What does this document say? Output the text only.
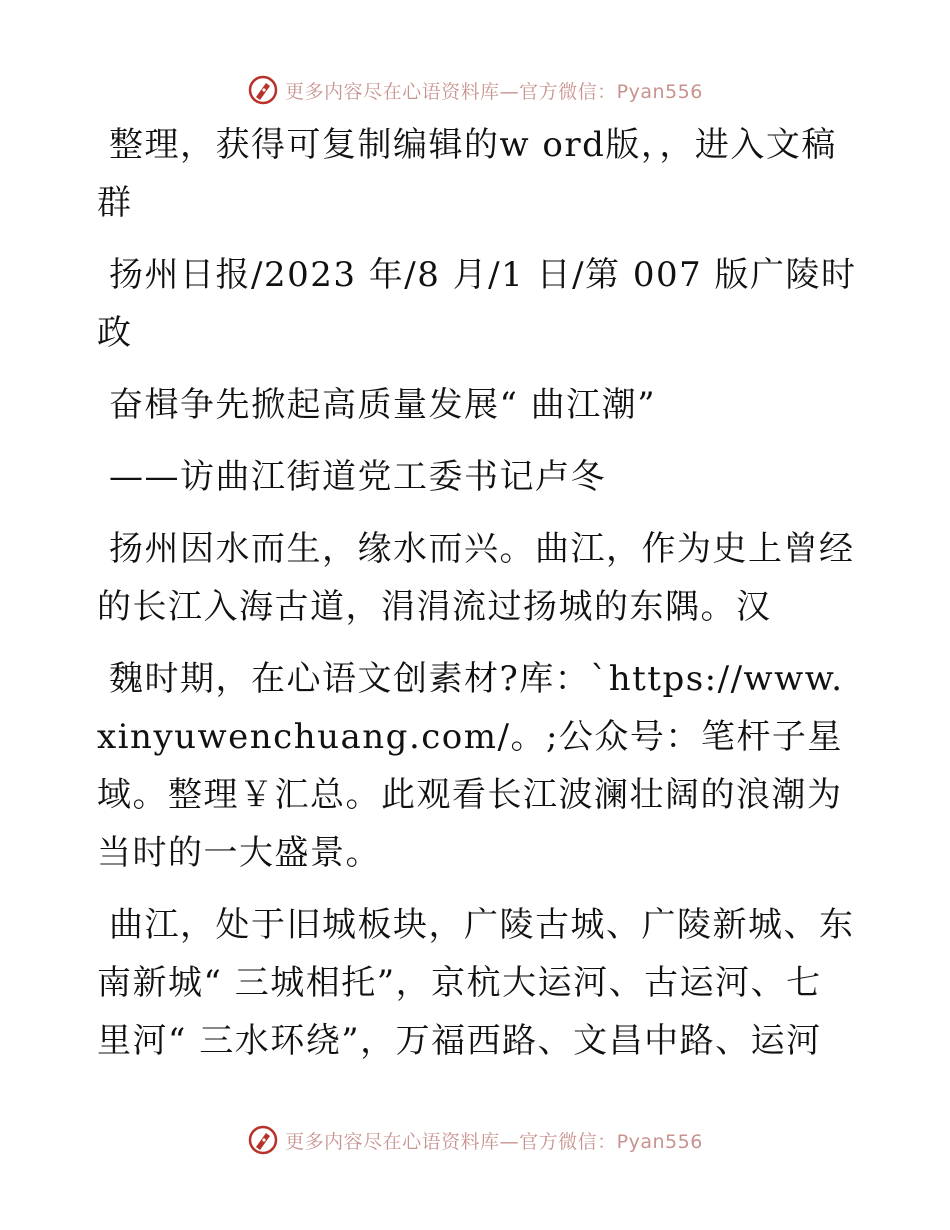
更多内容尽在心语资料库—官方微信：Pyan556

整理，获得可复制编辑的w ord版，，进入文稿群

扬州日报/2023 年/8 月/1 日/第 007 版广陵时政

奋楫争先掀起高质量发展“ 曲江潮”

——访曲江街道党工委书记卢冬

扬州因水而生，缘水而兴。曲江，作为史上曾经的长江入海古道，涓涓流过扬城的东隅。汉

魏时期，在心语文创素材?库：`https://www.xinyuwenchuang.com/。;公众号：笔杆子星域。整理￥汇总。此观看长江波澜壮阔的浪潮为当时的一大盛景。

曲江，处于旧城板块，广陵古城、广陵新城、东南新城“ 三城相托”，京杭大运河、古运河、七里河“ 三水环绕”，万福西路、文昌中路、运河

更多内容尽在心语资料库—官方微信：Pyan556
